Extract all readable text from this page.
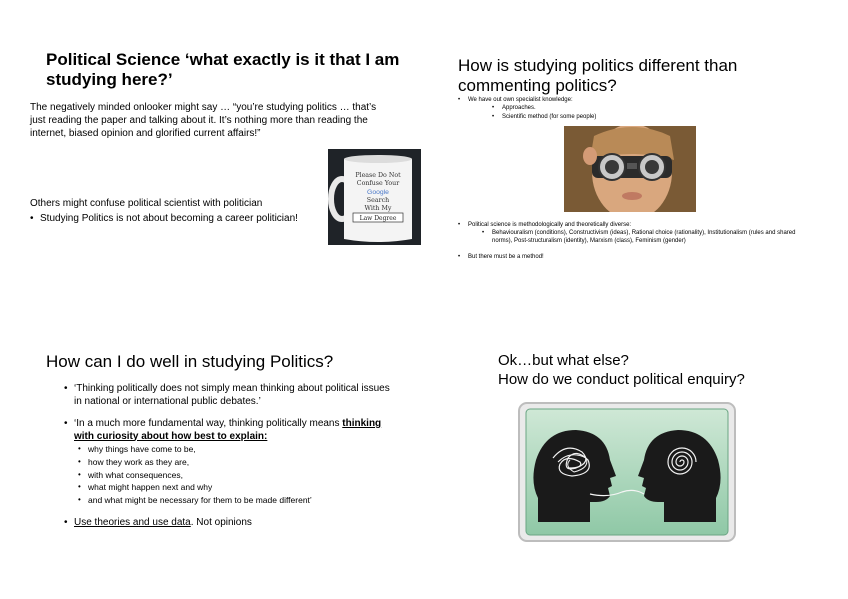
Political Science ‘what exactly is it that I am studying here?’

The negatively minded onlooker might say … “you’re studying politics … that’s just reading the paper and talking about it. It’s nothing more than reading the internet, biased opinion and glorified current affairs!”

Others might confuse political scientist with politician

• Studying Politics is not about becoming a career politician!
Please Do Not
Confuse Your
Google
Search
With My
Law Degree
How is studying politics different than commenting politics?
• We have out own specialist knowledge:
• Approaches.
• Scientific method (for some people)
• Political science is methodologically and theoretically diverse:
• Behaviouralism (conditions), Constructivism (ideas), Rational choice (rationality), Institutionalism (rules and shared norms), Post-structuralism (identity), Marxism (class), Feminism (gender)
• But there must be a method!
How can I do well in studying Politics?
• ‘Thinking politically does not simply mean thinking about political issues in national or international public debates.’
• ‘In a much more fundamental way, thinking politically means thinking with curiosity about how best to explain:
• why things have come to be,
• how they work as they are,
• with what consequences,
• what might happen next and why
• and what might be necessary for them to be made different’
• Use theories and use data. Not opinions
Ok…but what else?
How do we conduct political enquiry?
